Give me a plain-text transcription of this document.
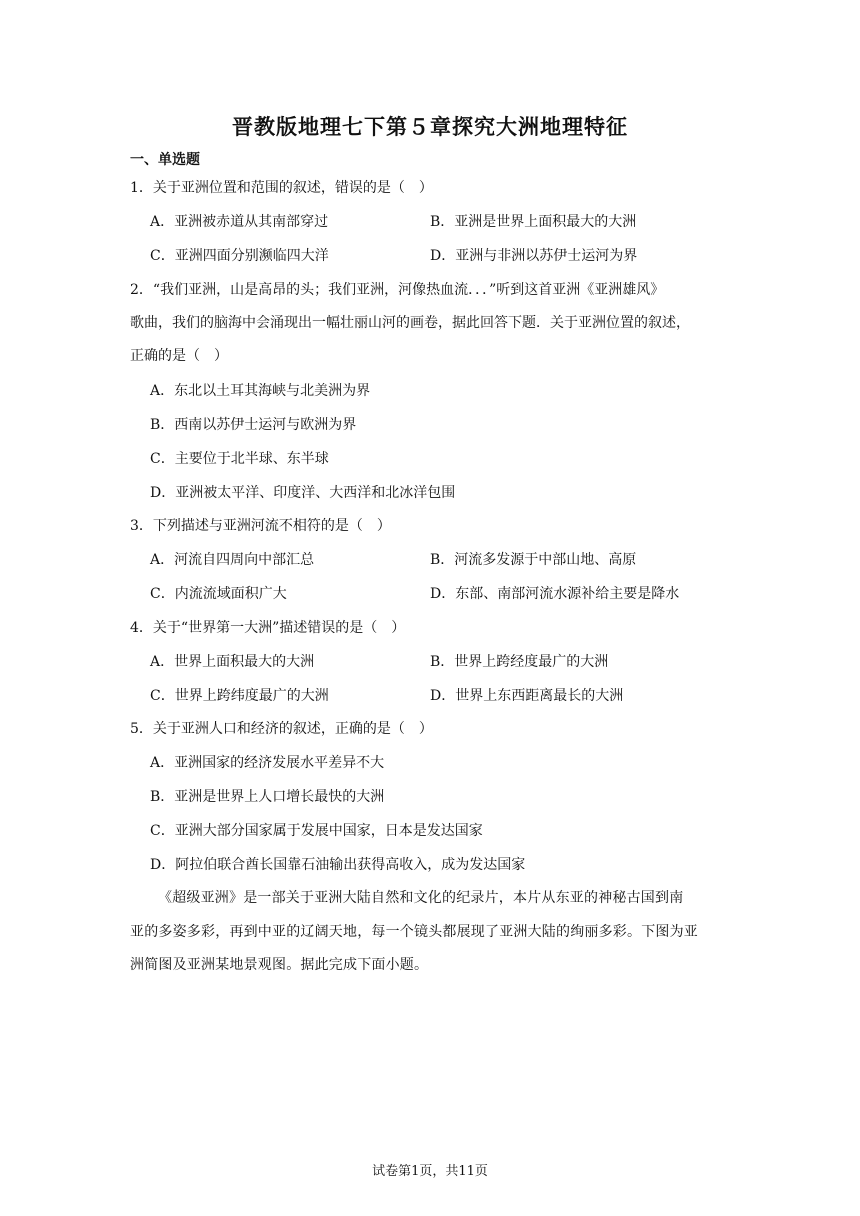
晋教版地理七下第５章探究大洲地理特征
一、单选题
1．关于亚洲位置和范围的叙述，错误的是（　）
A．亚洲被赤道从其南部穿过	B．亚洲是世界上面积最大的大洲
C．亚洲四面分别濒临四大洋	D．亚洲与非洲以苏伊士运河为界
2．“我们亚洲，山是高昂的头；我们亚洲，河像热血流．．．”听到这首亚洲《亚洲雄风》
歌曲，我们的脑海中会涌现出一幅壮丽山河的画卷，据此回答下题．关于亚洲位置的叙述，
正确的是（　）
A．东北以土耳其海峡与北美洲为界
B．西南以苏伊士运河与欧洲为界
C．主要位于北半球、东半球
D．亚洲被太平洋、印度洋、大西洋和北冰洋包围
3．下列描述与亚洲河流不相符的是（　）
A．河流自四周向中部汇总	B．河流多发源于中部山地、高原
C．内流流域面积广大	D．东部、南部河流水源补给主要是降水
4．关于“世界第一大洲”描述错误的是（　）
A．世界上面积最大的大洲	B．世界上跨经度最广的大洲
C．世界上跨纬度最广的大洲	D．世界上东西距离最长的大洲
5．关于亚洲人口和经济的叙述，正确的是（　）
A．亚洲国家的经济发展水平差异不大
B．亚洲是世界上人口增长最快的大洲
C．亚洲大部分国家属于发展中国家，日本是发达国家
D．阿拉伯联合酋长国靠石油输出获得高收入，成为发达国家
《超级亚洲》是一部关于亚洲大陆自然和文化的纪录片，本片从东亚的神秘古国到南
亚的多姿多彩，再到中亚的辽阔天地，每一个镜头都展现了亚洲大陆的绚丽多彩。下图为亚
洲简图及亚洲某地景观图。据此完成下面小题。
试卷第1页，共11页
